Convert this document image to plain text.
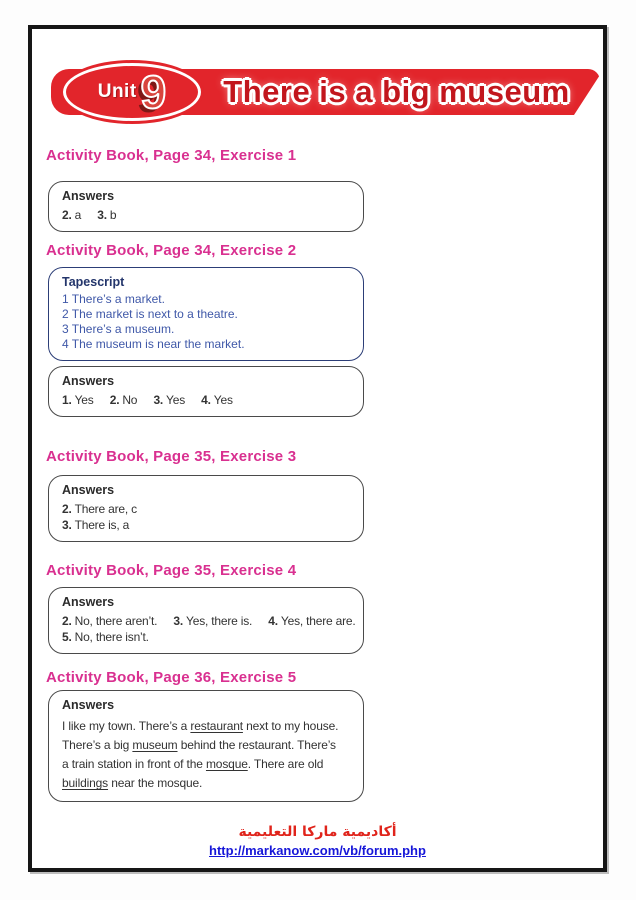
Unit 9 There is a big museum
Activity Book, Page 34, Exercise 1
Answers
2. a 3. b
Activity Book, Page 34, Exercise 2
Tapescript
1 There’s a market.
2 The market is next to a theatre.
3 There’s a museum.
4 The museum is near the market.
Answers
1. Yes 2. No 3. Yes 4. Yes
Activity Book, Page 35, Exercise 3
Answers
2. There are, c
3. There is, a
Activity Book, Page 35, Exercise 4
Answers
2. No, there aren’t. 3. Yes, there is. 4. Yes, there are.
5. No, there isn’t.
Activity Book, Page 36, Exercise 5
Answers
I like my town. There’s a restaurant next to my house.
There’s a big museum behind the restaurant. There’s
a train station in front of the mosque. There are old
buildings near the mosque.
أكاديمية ماركا التعليمية
http://markanow.com/vb/forum.php
